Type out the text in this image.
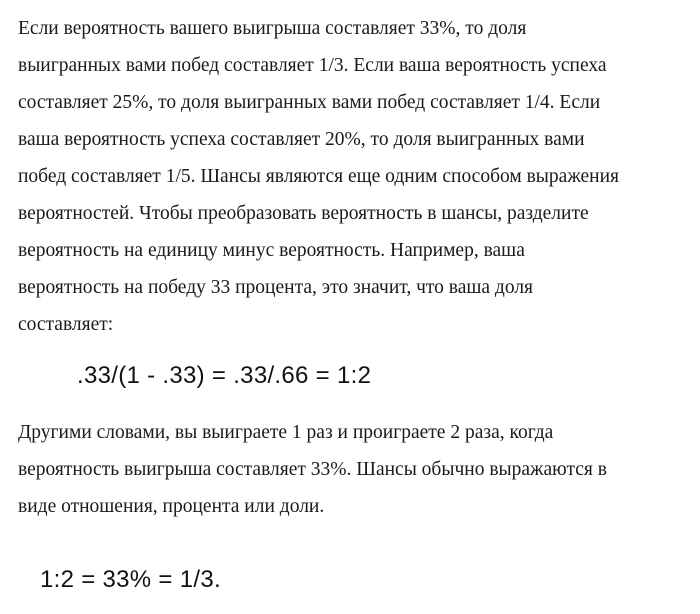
Если вероятность вашего выигрыша составляет 33%, то доля
выигранных вами побед составляет 1/3. Если ваша вероятность успеха
составляет 25%, то доля выигранных вами побед составляет 1/4. Если
ваша вероятность успеха составляет 20%, то доля выигранных вами
побед составляет 1/5. Шансы являются еще одним способом выражения
вероятностей. Чтобы преобразовать вероятность в шансы, разделите
вероятность на единицу минус вероятность. Например, ваша
вероятность на победу 33 процента, это значит, что ваша доля
составляет:

.33/(1 - .33) = .33/.66 = 1:2

Другими словами, вы выиграете 1 раз и проиграете 2 раза, когда
вероятность выигрыша составляет 33%. Шансы обычно выражаются в
виде отношения, процента или доли.

1:2 = 33% = 1/3.
